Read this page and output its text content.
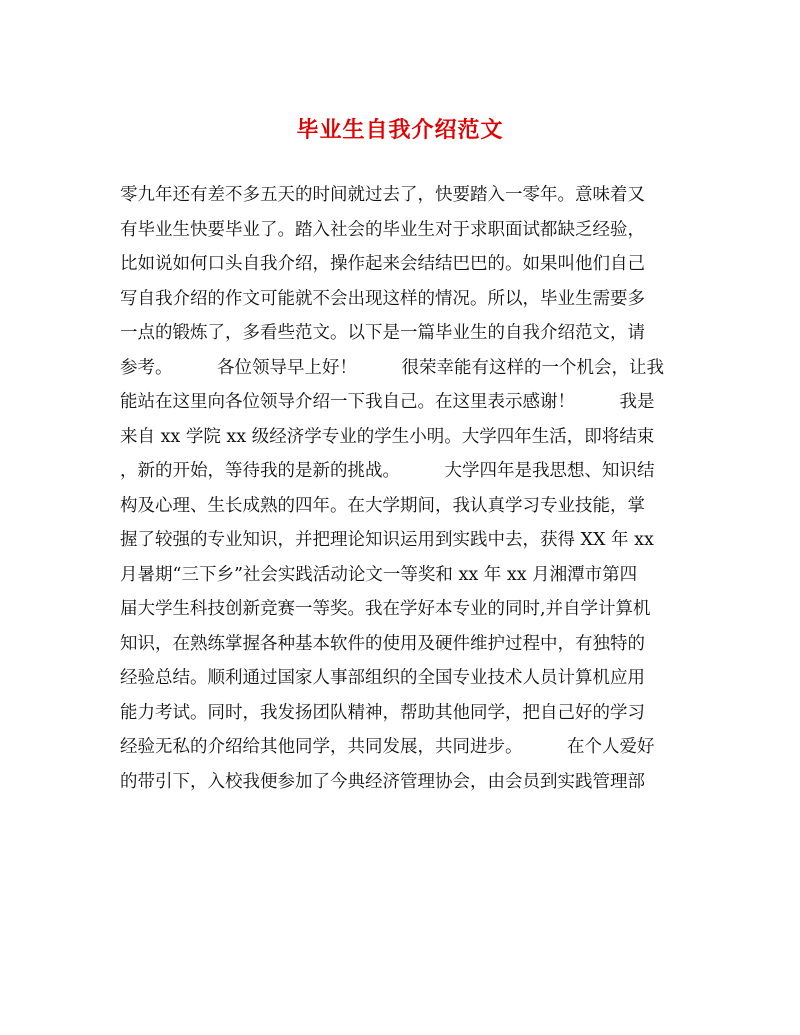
毕业生自我介绍范文
零九年还有差不多五天的时间就过去了，快要踏入一零年。意味着又
有毕业生快要毕业了。踏入社会的毕业生对于求职面试都缺乏经验，
比如说如何口头自我介绍，操作起来会结结巴巴的。如果叫他们自己
写自我介绍的作文可能就不会出现这样的情况。所以，毕业生需要多
一点的锻炼了，多看些范文。以下是一篇毕业生的自我介绍范文，请
参考。        各位领导早上好！        很荣幸能有这样的一个机会，让我
能站在这里向各位领导介绍一下我自己。在这里表示感谢！        我是
来自 xx 学院 xx 级经济学专业的学生小明。大学四年生活，即将结束
，新的开始，等待我的是新的挑战。        大学四年是我思想、知识结
构及心理、生长成熟的四年。在大学期间，我认真学习专业技能，掌
握了较强的专业知识，并把理论知识运用到实践中去，获得 XX 年 xx
月暑期“三下乡”社会实践活动论文一等奖和 xx 年 xx 月湘潭市第四
届大学生科技创新竞赛一等奖。我在学好本专业的同时,并自学计算机
知识，在熟练掌握各种基本软件的使用及硬件维护过程中，有独特的
经验总结。顺利通过国家人事部组织的全国专业技术人员计算机应用
能力考试。同时，我发扬团队精神，帮助其他同学，把自己好的学习
经验无私的介绍给其他同学，共同发展，共同进步。        在个人爱好
的带引下，入校我便参加了今典经济管理协会，由会员到实践管理部
